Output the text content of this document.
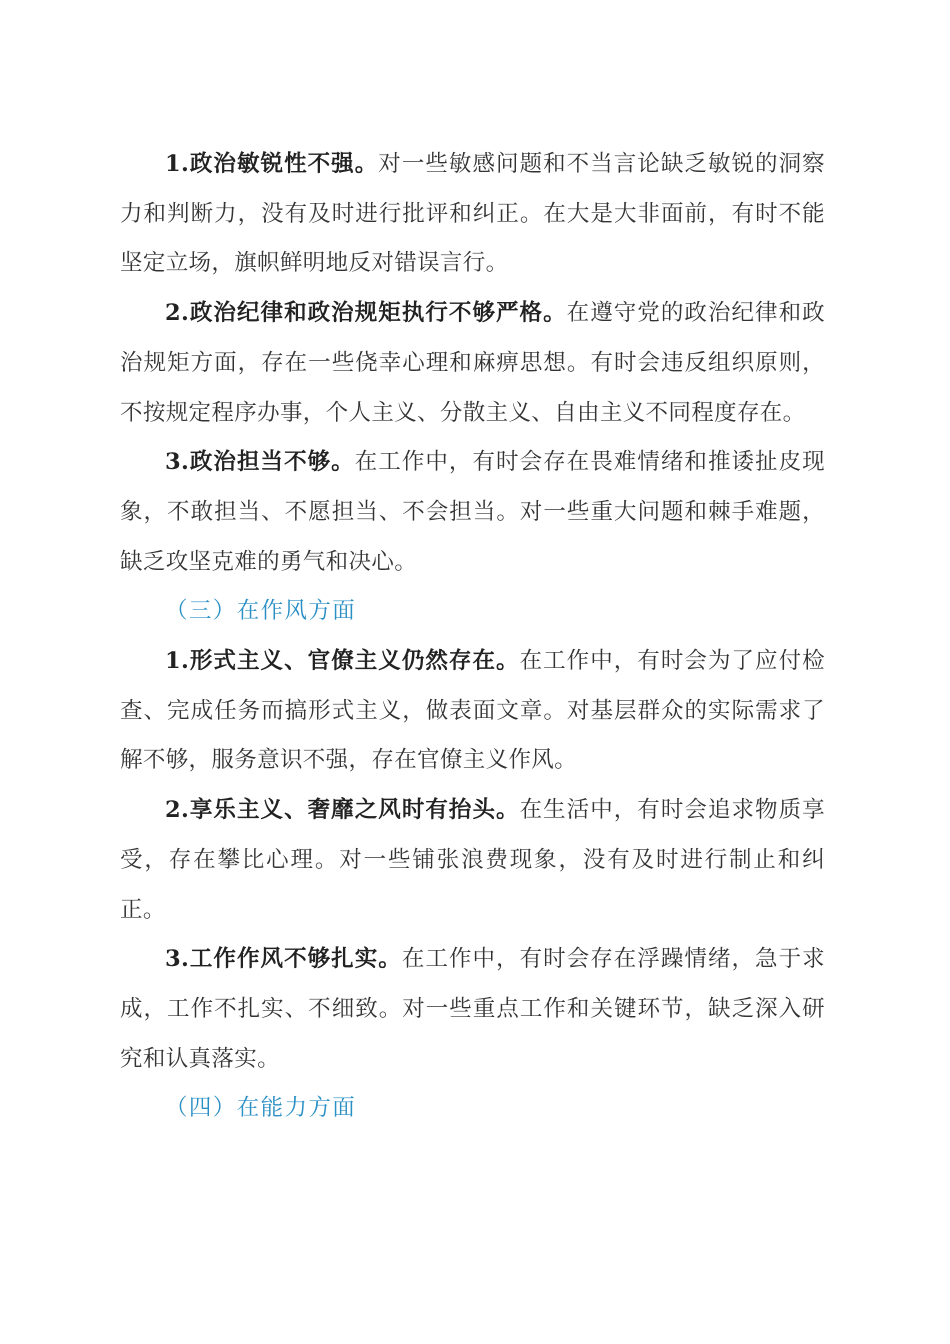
1.政治敏锐性不强。对一些敏感问题和不当言论缺乏敏锐的洞察力和判断力，没有及时进行批评和纠正。在大是大非面前，有时不能坚定立场，旗帜鲜明地反对错误言行。

2.政治纪律和政治规矩执行不够严格。在遵守党的政治纪律和政治规矩方面，存在一些侥幸心理和麻痹思想。有时会违反组织原则，不按规定程序办事，个人主义、分散主义、自由主义不同程度存在。

3.政治担当不够。在工作中，有时会存在畏难情绪和推诿扯皮现象，不敢担当、不愿担当、不会担当。对一些重大问题和棘手难题，缺乏攻坚克难的勇气和决心。

（三）在作风方面

1.形式主义、官僚主义仍然存在。在工作中，有时会为了应付检查、完成任务而搞形式主义，做表面文章。对基层群众的实际需求了解不够，服务意识不强，存在官僚主义作风。

2.享乐主义、奢靡之风时有抬头。在生活中，有时会追求物质享受，存在攀比心理。对一些铺张浪费现象，没有及时进行制止和纠正。

3.工作作风不够扎实。在工作中，有时会存在浮躁情绪，急于求成，工作不扎实、不细致。对一些重点工作和关键环节，缺乏深入研究和认真落实。

（四）在能力方面
